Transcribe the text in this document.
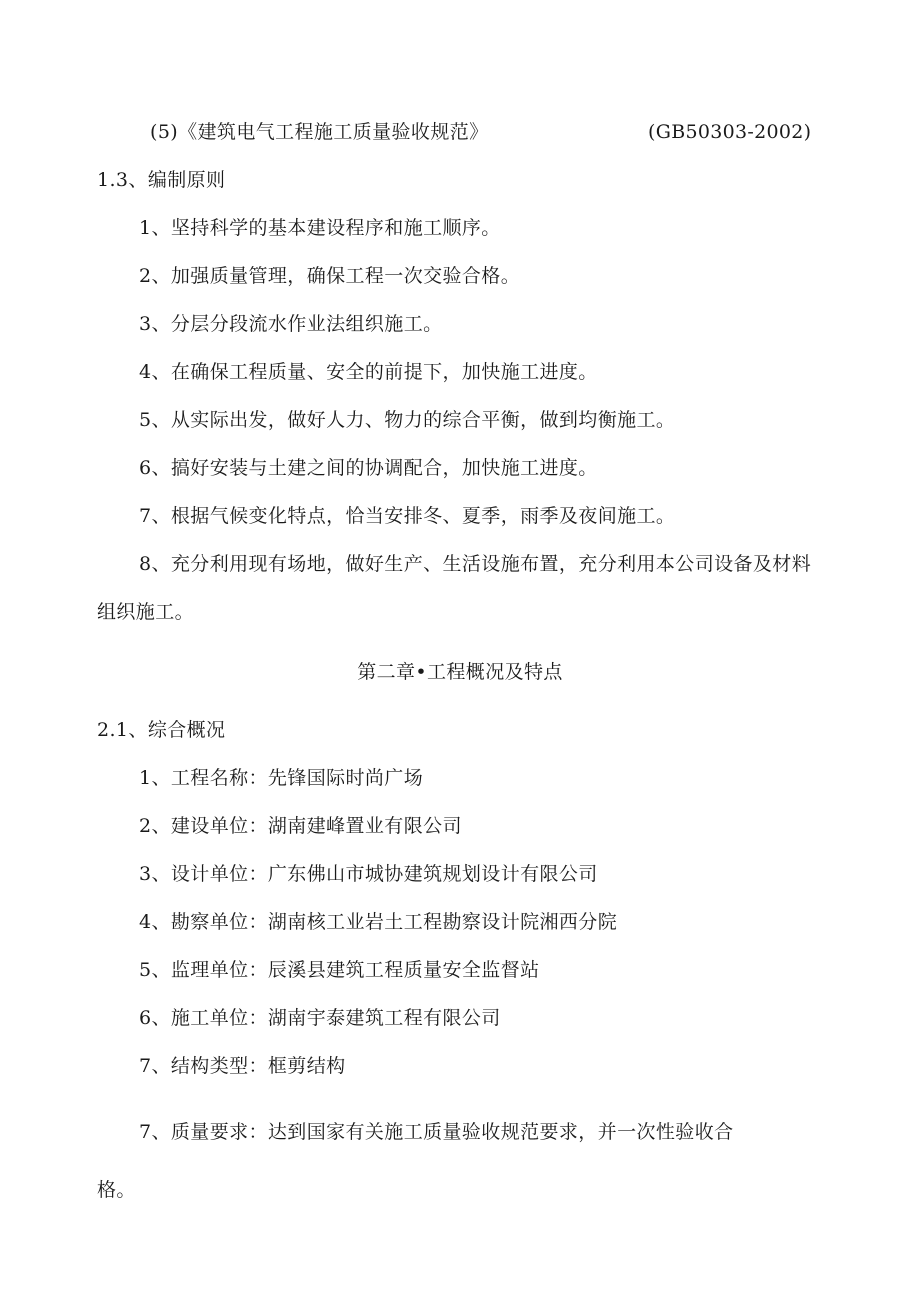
(5)《建筑电气工程施工质量验收规范》	(GB50303-2002)
1.3、编制原则
1、坚持科学的基本建设程序和施工顺序。
2、加强质量管理，确保工程一次交验合格。
3、分层分段流水作业法组织施工。
4、在确保工程质量、安全的前提下，加快施工进度。
5、从实际出发，做好人力、物力的综合平衡，做到均衡施工。
6、搞好安装与土建之间的协调配合，加快施工进度。
7、根据气候变化特点，恰当安排冬、夏季，雨季及夜间施工。
8、充分利用现有场地，做好生产、生活设施布置，充分利用本公司设备及材料
组织施工。
第二章•工程概况及特点
2.1、综合概况
1、工程名称：先锋国际时尚广场
2、建设单位：湖南建峰置业有限公司
3、设计单位：广东佛山市城协建筑规划设计有限公司
4、勘察单位：湖南核工业岩土工程勘察设计院湘西分院
5、监理单位：辰溪县建筑工程质量安全监督站
6、施工单位：湖南宇泰建筑工程有限公司
7、结构类型：框剪结构
7、质量要求：达到国家有关施工质量验收规范要求，并一次性验收合
格。
